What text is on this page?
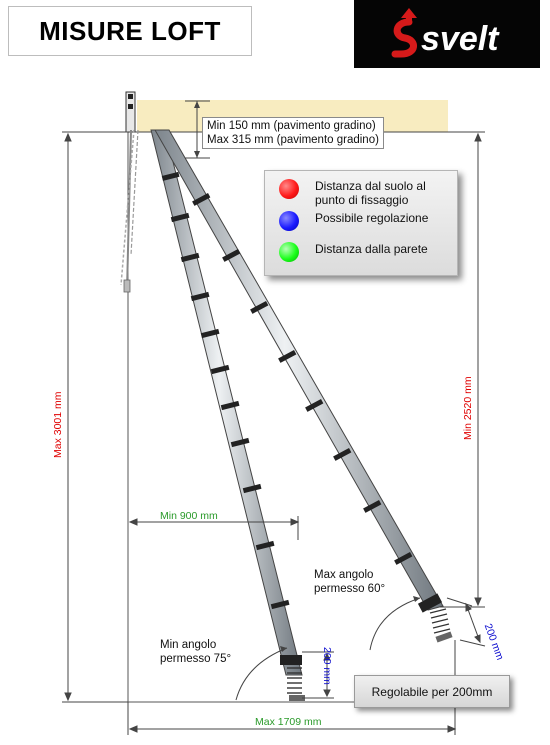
MISURE LOFT	svelt
Min 150 mm (pavimento gradino)
Max 315 mm (pavimento gradino)
Distanza dal suolo al punto di fissaggio
Possibile regolazione
Distanza dalla parete
Max 3001 mm	Min 2520 mm
Min 900 mm
Max 1709 mm
200 mm
200 mm
Max angolo
permesso 60°
Min angolo
permesso 75°
Regolabile per 200mm
